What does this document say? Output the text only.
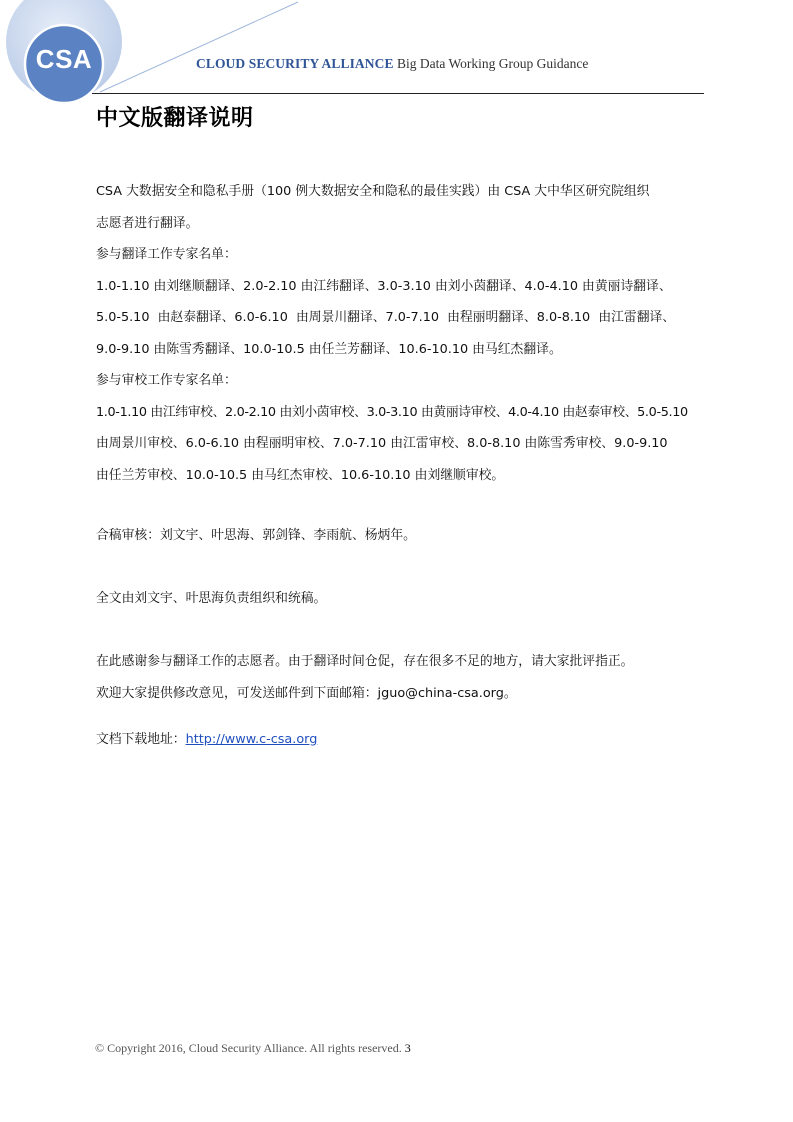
CSA	CLOUD SECURITY ALLIANCE Big Data Working Group Guidance
中文版翻译说明

CSA 大数据安全和隐私手册（100 例大数据安全和隐私的最佳实践）由 CSA 大中华区研究院组织

志愿者进行翻译。

参与翻译工作专家名单：

1.0-1.10 由刘继顺翻译、2.0-2.10 由江纬翻译、3.0-3.10 由刘小茵翻译、4.0-4.10 由黄丽诗翻译、

5.0-5.10  由赵泰翻译、6.0-6.10  由周景川翻译、7.0-7.10  由程丽明翻译、8.0-8.10  由江雷翻译、

9.0-9.10 由陈雪秀翻译、10.0-10.5 由任兰芳翻译、10.6-10.10 由马红杰翻译。

参与审校工作专家名单：

1.0-1.10 由江纬审校、2.0-2.10 由刘小茵审校、3.0-3.10 由黄丽诗审校、4.0-4.10 由赵泰审校、5.0-5.10

由周景川审校、6.0-6.10 由程丽明审校、7.0-7.10 由江雷审校、8.0-8.10 由陈雪秀审校、9.0-9.10

由任兰芳审校、10.0-10.5 由马红杰审校、10.6-10.10 由刘继顺审校。

合稿审核：刘文宇、叶思海、郭剑锋、李雨航、杨炳年。

全文由刘文宇、叶思海负责组织和统稿。

在此感谢参与翻译工作的志愿者。由于翻译时间仓促，存在很多不足的地方，请大家批评指正。

欢迎大家提供修改意见，可发送邮件到下面邮箱：jguo@china-csa.org。

文档下载地址：http://www.c-csa.org

© Copyright 2016, Cloud Security Alliance. All rights reserved. 3
